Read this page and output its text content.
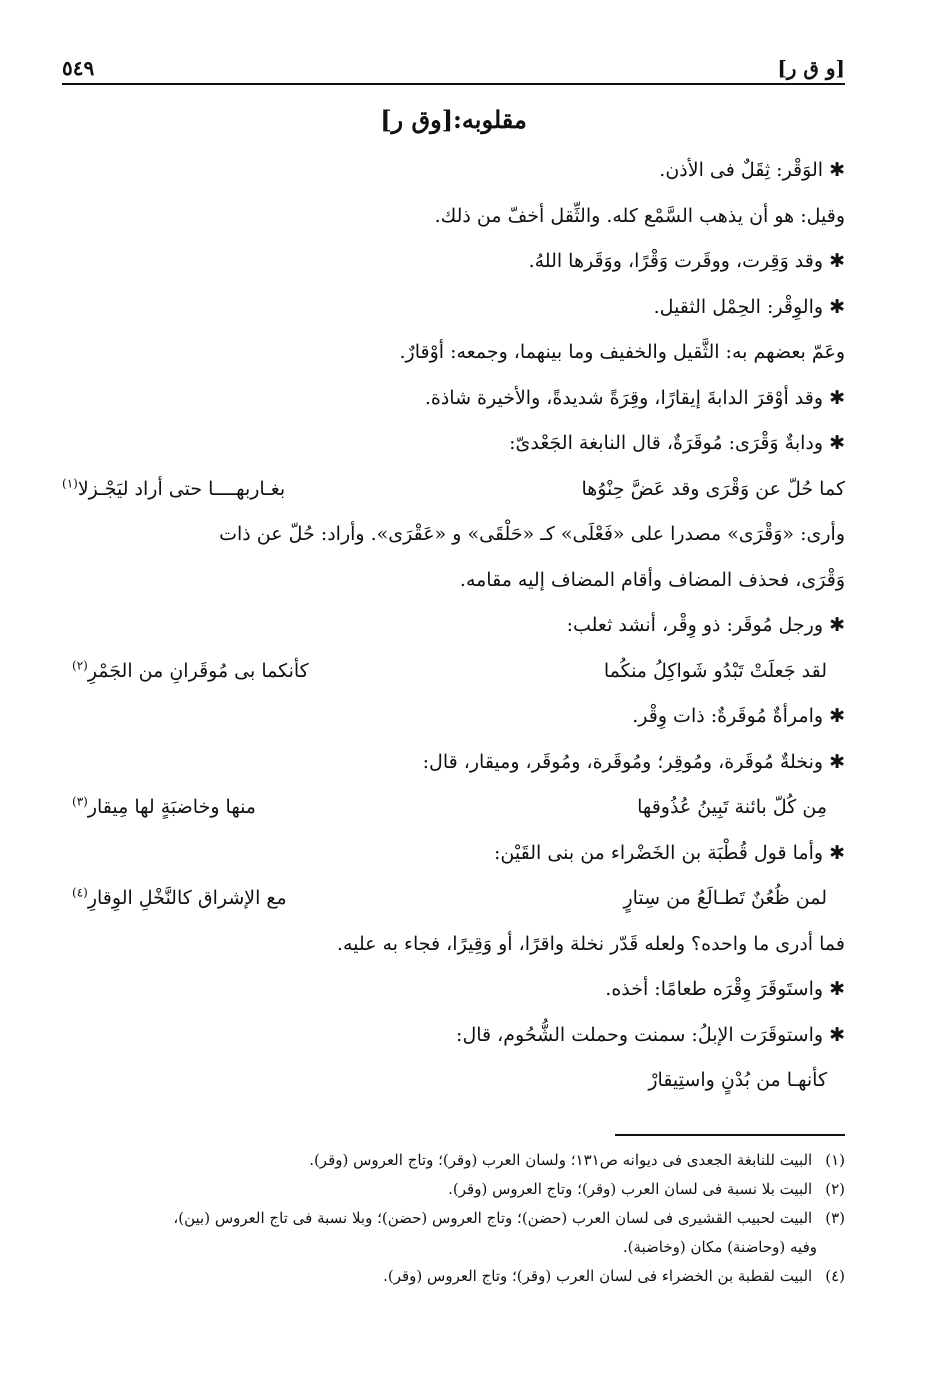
[و ق ر]
٥٤٩
مقلوبه:[وق ر]

✱ الوَقْر: ثِقَلٌ فى الأذن.

وقيل: هو أن يذهب السَّمْع كله. والثِّقل أخفّ من ذلك.

✱ وقد وَقِرت، ووقَرت وَقْرًا، ووَقَرها اللهُ.

✱ والوِقْر: الحِمْل الثقيل.

وعَمّ بعضهم به: الثَّقيل والخفيف وما بينهما، وجمعه: أوْقارٌ.

✱ وقد أوْقرَ الدابةَ إيقارًا، وقِرَةً شديدةً، والأخيرة شاذة.

✱ ودابةٌ وَقْرَى: مُوقَرَةٌ، قال النابغة الجَعْدىّ:

كما حُلّ عن وَقْرَى وقد عَضَّ حِنْوُها
بغـاربهــــا حتى أراد ليَجْـزلا$^{(١)}$

وأرى: «وَقْرَى» مصدرا على «فَعْلَى» كـ «حَلْقَى» و «عَقْرَى». وأراد: حُلّ عن ذات

وَقْرَى، فحذف المضاف وأقام المضاف إليه مقامه.

✱ ورجل مُوقَر: ذو وِقْر، أنشد ثعلب:

لقد جَعلَتْ تَبْدُو شَواكِلُ منكُما
كأنكما بى مُوقَرانِ من الجَمْرِ$^{(٢)}$

✱ وامرأةٌ مُوقَرةٌ: ذات وِقْر.

✱ ونخلةٌ مُوقَرة، ومُوقِر؛ ومُوقَرة، ومُوقَر، وميقار، قال:

مِن كُلّ بائنة تَبِينُ عُذُوقها
منها وخاضبَةٍ لها مِيقار$^{(٣)}$

✱ وأما قول قُطْبَة بن الخَضْراء من بنى القَيْن:

لمن ظُعُنٌ تَطـالَعُ من سِتارٍ
مع الإشراق كالنَّخْلِ الوِقارِ$^{(٤)}$

فما أدرى ما واحده؟ ولعله قَدّر نخلة واقرًا، أو وَقِيرًا، فجاء به عليه.

✱ واستَوقَرَ وِقْرَه طعامًا: أخذه.

✱ واستوقَرَت الإبلُ: سمنت وحملت الشُّحُوم، قال:

كأنهـا من بُدْنٍ واستِيقارْ

(١) البيت للنابغة الجعدى فى ديوانه ص١٣١؛ ولسان العرب (وقر)؛ وتاج العروس (وقر).

(٢) البيت بلا نسبة فى لسان العرب (وقر)؛ وتاج العروس (وقر).

(٣) البيت لحبيب القشيرى فى لسان العرب (حضن)؛ وتاج العروس (حضن)؛ وبلا نسبة فى تاج العروس (بين)،

وفيه (وحاضنة) مكان (وخاضبة).

(٤) البيت لقطبة بن الخضراء فى لسان العرب (وقر)؛ وتاج العروس (وقر).
